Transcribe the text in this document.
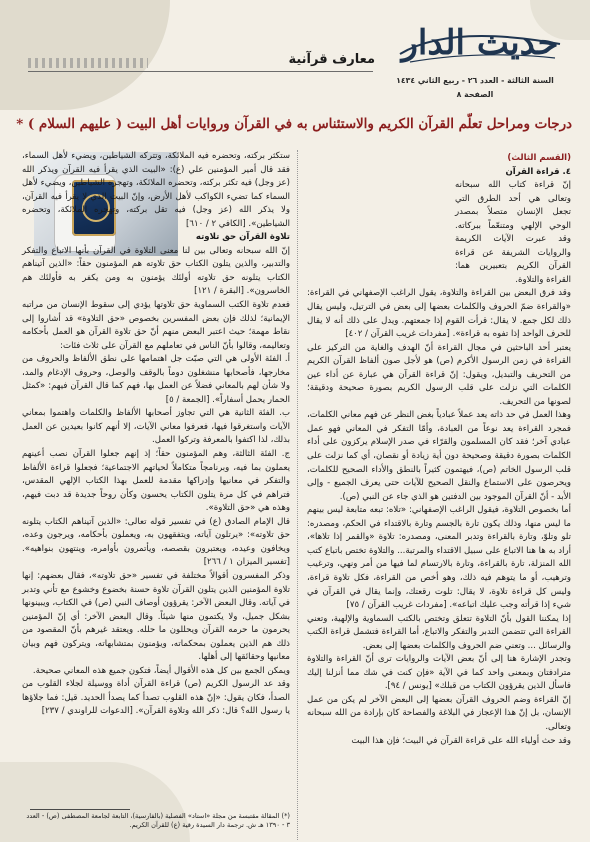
حديث الدار
السنة الثالثة - العدد ٢٦ - ربيع الثاني ١٤٣٤
الصفحة ٨
معارف قرآنية
درجات ومراحل تعلّم القرآن الكريم والاستئناس به في القرآن وروايات أهل البيت ( عليهم السلام ) *

(القسم الثالث)

٤. قراءة القرآن

إنّ قراءة كتاب الله سبحانه وتعالى هي أحد الطرق التي تجعل الإنسان متصلاً بمصدر الوحي الإلهي ومتنعّماً ببركاته. وقد عبرت الآيات الكريمة والروايات الشريفة عن قراءة القرآن الكريم بتعبيرين هما: القراءة والتلاوة.

وقد فرق البعض بين القراءة والتلاوة، يقول الراغب الإصفهاني في القراءة: «والقراءة ضمّ الحروف والكلمات بعضها إلى بعض في الترتيل، وليس يقال ذلك لكل جمع. لا يقال: قرأت القوم إذا جمعتهم. ويدل على ذلك أنه لا يقال للحرف الواحد إذا تفوه به قراءة». [مفردات غريب القرآن / ٤٠٢]

يعتبر أحد الباحثين في مجال القراءة أنّ الهدف والغاية من التركيز على القراءة في زمن الرسول الأكرم (ص) هو لأجل صون ألفاظ القرآن الكريم من التحريف والتبديل، ويقول: إنّ قراءة القرآن هي عبارة عن أداء عين الكلمات التي نزلت على قلب الرسول الكريم بصورة صحيحة ودقيقة؛ لصونها من التحريف.

وهذا العمل في حد ذاته يعد عملاً عبادياً بغض النظر عن فهم معاني الكلمات، فمجرد القراءة يعد نوعاً من العبادة، وأمّا التفكر في المعاني فهو عمل عبادي آخر؛ فقد كان المسلمون والقرّاء في صدر الإسلام يركزون على أداء الكلمات بصورة دقيقة وصحيحة دون أية زيادة أو نقصان، أي كما نزلت على قلب الرسول الخاتم (ص)، فيهتمون كثيراً بالنطق والأداء الصحيح للكلمات، ويحرصون على الاستماع والنقل الصحيح للآيات حتى يعرف الجميع - وإلى الأبد - أنّ القرآن الموجود بين الدفتين هو الذي جاء عن النبي (ص).

أما بخصوص التلاوة، فيقول الراغب الإصفهاني: «تلاه: تبعه متابعة ليس بينهم ما ليس منها، وذلك يكون تارة بالجسم وتارة بالاقتداء في الحكم، ومصدره: تلو وتلوّ، وتارة بالقراءة وتدبر المعنى، ومصدره: تلاوة «والقمر إذا تلاها»، أراد به ها هنا الاتباع على سبيل الاقتداء والمرتبة... والتلاوة تختص باتباع كتب الله المنزلة، تارة بالقراءة، وتارة بالارتسام لما فيها من أمر ونهي، وترغيب وترهيب، أو ما يتوهم فيه ذلك، وهو أخص من القراءة، فكل تلاوة قراءة، وليس كل قراءة تلاوة، لا يقال: تلوت رقعتك، وإنما يقال في القرآن في شيء إذا قرأته وجب عليك اتباعه». [مفردات غريب القرآن / ٧٥]

إذا يمكننا القول بأنّ التلاوة تتعلق وتختص بالكتب السماوية والإلهية، وتعني القراءة التي تتضمن التدبر والتفكر والاتباع، أما القراءة فتشمل قراءة الكتب والرسائل ... وتعني ضم الحروف والكلمات بعضها إلى بعض.

وتجدر الإشارة هنا إلى أنّ بعض الآيات والروايات ترى أنّ القراءة والتلاوة مترادفتان وبمعنى واحد كما في الآية «فإن كنت في شك مما أنزلنا إليك فاسأل الذين يقرؤون الكتاب من قبلك» [يونس / ٩٤].

إنّ القراءة وضم الحروف القرآن بعضها إلى البعض الآخر لم يكن من عمل الإنسان، بل إنّ هذا الإعجاز في البلاغة والفصاحة كان بإرادة من الله سبحانه وتعالى.

وقد حث أولياء الله على قراءة القرآن في البيت؛ فإن هذا البيت

ستكثر بركته، وتحضره فيه الملائكة، وتتركه الشياطين، ويضيء لأهل السماء، فقد قال أمير المؤمنين علي (ع): «البيت الذي يقرأ فيه القرآن ويذكر الله (عز وجل) فيه تكثر بركته، وتحضره الملائكة، وتهجره الشياطين، ويضيء لأهل السماء كما تضيء الكواكب لأهل الأرض، وإنّ البيت الذي لا يقرأ فيه القرآن، ولا يذكر الله (عز وجل) فيه تقل بركته، وتهجره الملائكة، وتحضره الشياطين». [الكافي ٢ / ٦١٠]

تلاوة القرآن حق تلاوته

إنّ الله سبحانه وتعالى بين لنا معنى التلاوة في القرآن بأنها الاتباع والتفكر والتدبير، والذين يتلون الكتاب حق تلاوته هم المؤمنون حقاً: «الذين آتيناهم الكتاب يتلونه حق تلاوته أولئك يؤمنون به ومن يكفر به فأولئك هم الخاسرون». [البقرة / ١٢١]

فعدم تلاوة الكتب السماوية حق تلاوتها يؤدي إلى سقوط الإنسان من مراتبه الإيمانية؛ لذلك فإن بعض المفسرين بخصوص «حق التلاوة» قد أشاروا إلى نقاط مهمة؛ حيث اعتبر البعض منهم أنّ حق تلاوة القرآن هو العمل بأحكامه وتعاليمه، وقالوا بأنّ الناس في تعاملهم مع القرآن على ثلاث فئات:

أ. الفئة الأولى هي التي صبّت جل اهتمامها على نطق الألفاظ والحروف من مخارجها، فأصحابها منشغلون دوماً بالوقف والوصل، وحروف الإدغام والمد، ولا شأن لهم بالمعاني فضلاً عن العمل بها، فهم كما قال القرآن فيهم: «كمثل الحمار يحمل أسفاراً». [الجمعة / ٥]

ب. الفئة الثانية هي التي تجاوز أصحابها الألفاظ والكلمات واهتموا بمعاني الآيات واستغرقوا فيها، فعرفوا معاني الآيات، إلا أنهم كانوا بعيدين عن العمل بذلك، لذا اكتفوا بالمعرفة وتركوا العمل.

ج. الفئة الثالثة، وهم المؤمنون حقاً؛ إذ إنهم جعلوا القرآن نصب أعينهم يعملون بما فيه، وبرنامجاً متكاملاً لحياتهم الاجتماعية؛ فجعلوا قراءة الألفاظ والتفكر في معانيها وإدراكها مقدمة للعمل بهذا الكتاب الإلهي المقدس، فتراهم في كل مرة يتلون الكتاب يحسون وكأن روحاً جديدة قد دبت فيهم، وهذه هي «حق التلاوة».

قال الإمام الصادق (ع) في تفسير قوله تعالى: «الذين آتيناهم الكتاب يتلونه حق تلاوته»: «يرتلون آياته، ويتفقهون به، ويعملون بأحكامه، ويرجون وعده، ويخافون وعيده، ويعتبرون بقصصه، ويأتمرون بأوامره، وينتهون بنواهيه». [تفسير الميزان ١ / ٢٦٦]

وذكر المفسرون أقوالاً مختلفة في تفسير «حق تلاوته»، فقال بعضهم: إنها تلاوة المؤمنين الذين يتلون القرآن تلاوة حسنة بخضوع وخشوع مع تأني وتدبر في آياته. وقال البعض الآخر: يقرؤون أوصاف النبي (ص) في الكتاب، ويبينونها بشكل جميل، ولا يكتمون منها شيئاً. وقال البعض الآخر: أي إنّ المؤمنين يحرمون ما حرمه القرآن ويحللون ما حلله. ويعتقد غيرهم بأنّ المقصود من ذلك هم الذين يعملون بمحكماته، ويؤمنون بمتشابهاته، ويتركون فهم وبيان معانيها وحقائقها إلى أهلها.

ويمكن الجمع بين كل هذه الأقوال أيضاً، فتكون جميع هذه المعاني صحيحة.

وقد عد الرسول الكريم (ص) قراءة القرآن أداة ووسيلة لجلاء القلوب من الصدأ، فكان يقول: «إنّ هذه القلوب تصدأ كما يصدأ الحديد. قيل: فما جلاؤها يا رسول الله؟ قال: ذكر الله وتلاوة القرآن». [الدعوات للراوندي / ٢٣٧]

(*) المقالة مقتبسة من مجلة «استاد» الفصلية (بالفارسية)، التابعة لجامعة المصطفى (ص) - العدد ٣ - ١٣٩٠ هـ ش. ترجمة دار السيدة رقية (ع) للقرآن الكريم.
